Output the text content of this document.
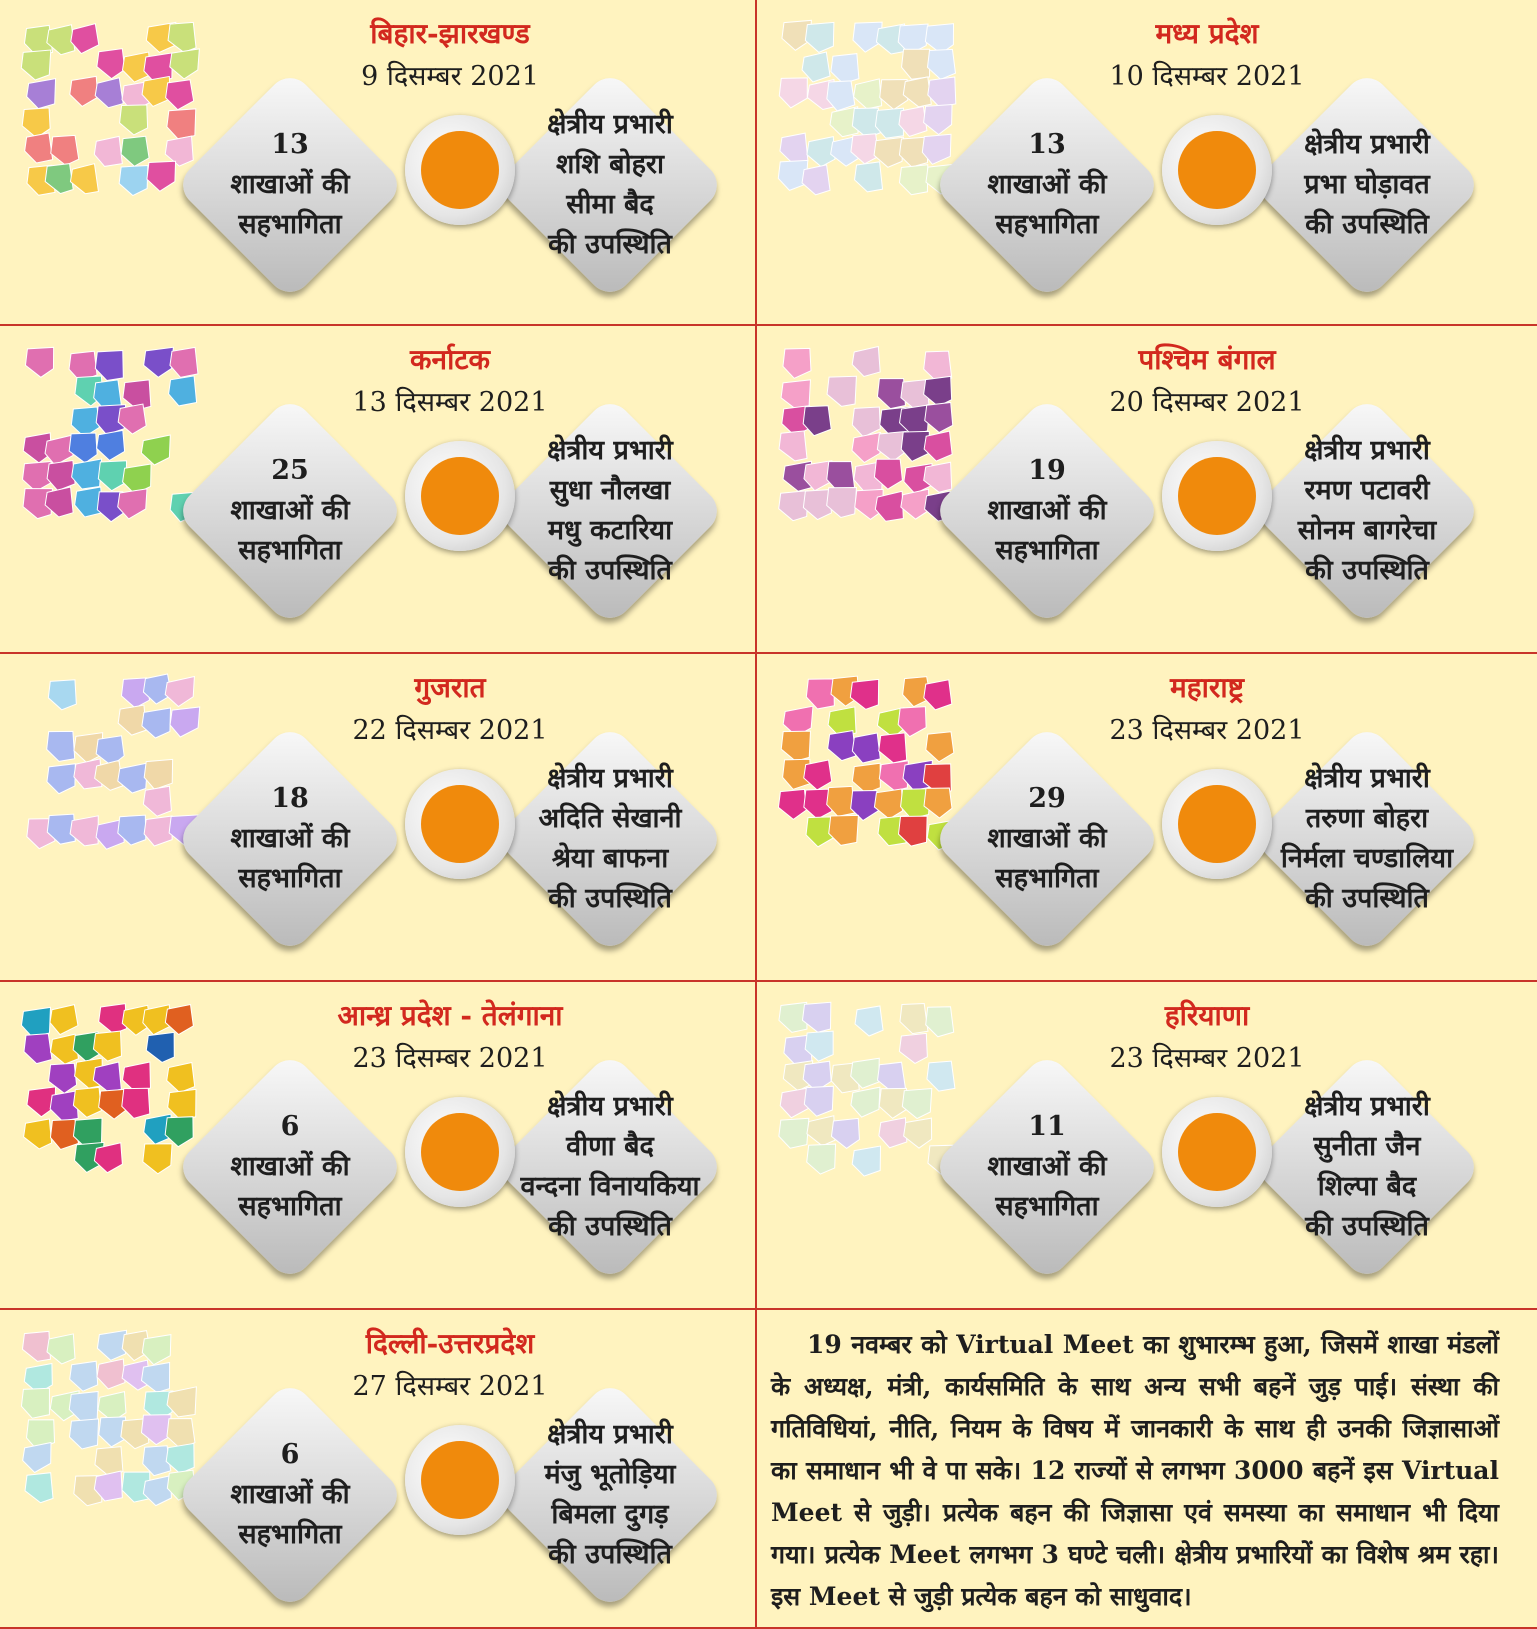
बिहार-झारखण्ड
9 दिसम्बर 2021
13
शाखाओं की
सहभागिता
क्षेत्रीय प्रभारी
शशि बोहरा
सीमा बैद
की उपस्थिति
मध्य प्रदेश
10 दिसम्बर 2021
13
शाखाओं की
सहभागिता
क्षेत्रीय प्रभारी
प्रभा घोड़ावत
की उपस्थिति
कर्नाटक
13 दिसम्बर 2021
25
शाखाओं की
सहभागिता
क्षेत्रीय प्रभारी
सुधा नौलखा
मधु कटारिया
की उपस्थिति
पश्चिम बंगाल
20 दिसम्बर 2021
19
शाखाओं की
सहभागिता
क्षेत्रीय प्रभारी
रमण पटावरी
सोनम बागरेचा
की उपस्थिति
गुजरात
22 दिसम्बर 2021
18
शाखाओं की
सहभागिता
क्षेत्रीय प्रभारी
अदिति सेखानी
श्रेया बाफना
की उपस्थिति
महाराष्ट्र
23 दिसम्बर 2021
29
शाखाओं की
सहभागिता
क्षेत्रीय प्रभारी
तरुणा बोहरा
निर्मला चण्डालिया
की उपस्थिति
आन्ध्र प्रदेश - तेलंगाना
23 दिसम्बर 2021
6
शाखाओं की
सहभागिता
क्षेत्रीय प्रभारी
वीणा बैद
वन्दना विनायकिया
की उपस्थिति
हरियाणा
23 दिसम्बर 2021
11
शाखाओं की
सहभागिता
क्षेत्रीय प्रभारी
सुनीता जैन
शिल्पा बैद
की उपस्थिति
दिल्ली-उत्तरप्रदेश
27 दिसम्बर 2021
6
शाखाओं की
सहभागिता
क्षेत्रीय प्रभारी
मंजु भूतोड़िया
बिमला दुगड़
की उपस्थिति
19 नवम्बर को Virtual Meet का शुभारम्भ हुआ, जिसमें शाखा मंडलों के अध्यक्ष, मंत्री, कार्यसमिति के साथ अन्य सभी बहनें जुड़ पाई। संस्था की गतिविधियां, नीति, नियम के विषय में जानकारी के साथ ही उनकी जिज्ञासाओं का समाधान भी वे पा सके। 12 राज्यों से लगभग 3000 बहनें इस Virtual Meet से जुड़ी। प्रत्येक बहन की जिज्ञासा एवं समस्या का समाधान भी दिया गया। प्रत्येक Meet लगभग 3 घण्टे चली। क्षेत्रीय प्रभारियों का विशेष श्रम रहा। इस Meet से जुड़ी प्रत्येक बहन को साधुवाद।
